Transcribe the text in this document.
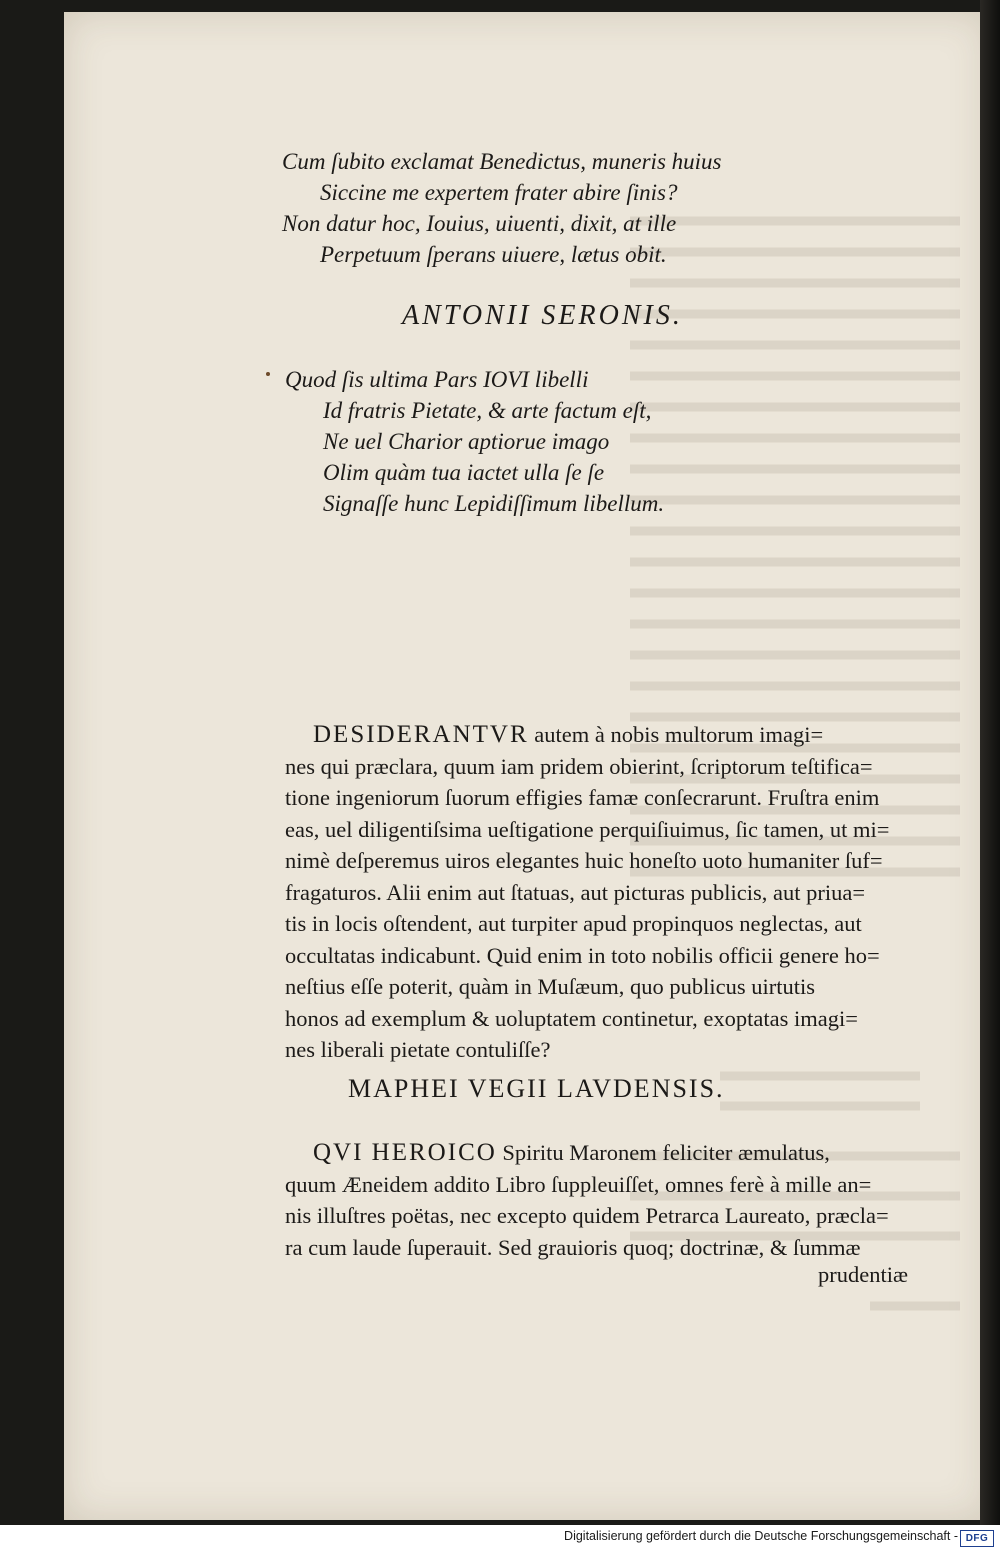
Cum ſubito exclamat Benedictus, muneris huius
Siccine me expertem frater abire ſinis?
Non datur hoc, Iouius, uiuenti, dixit, at ille
Perpetuum ſperans uiuere, lætus obit.
ANTONII SERONIS.
Quod ſis ultima Pars IOVI libelli
Id fratris Pietate, & arte factum eſt,
Ne uel Charior aptiorue imago
Olim quàm tua iactet ulla ſe ſe
Signaſſe hunc Lepidiſſimum libellum.
DESIDERANTVR autem à nobis multorum imagi=
nes qui præclara, quum iam pridem obierint, ſcriptorum teſtifica=
tione ingeniorum ſuorum effigies famæ conſecrarunt. Fruſtra enim
eas, uel diligentiſsima ueſtigatione perquiſiuimus, ſic tamen, ut mi=
nimè deſperemus uiros elegantes huic honeſto uoto humaniter ſuf=
fragaturos. Alii enim aut ſtatuas, aut picturas publicis, aut priua=
tis in locis oſtendent, aut turpiter apud propinquos neglectas, aut
occultatas indicabunt. Quid enim in toto nobilis officii genere ho=
neſtius eſſe poterit, quàm in Muſæum, quo publicus uirtutis
honos ad exemplum & uoluptatem continetur, exoptatas imagi=
nes liberali pietate contuliſſe?
MAPHEI VEGII LAVDENSIS.
QVI HEROICO Spiritu Maronem feliciter æmulatus,
quum Æneidem addito Libro ſuppleuiſſet, omnes ferè à mille an=
nis illuſtres poëtas, nec excepto quidem Petrarca Laureato, præcla=
ra cum laude ſuperauit. Sed grauioris quoq; doctrinæ, & ſummæ
prudentiæ
Digitalisierung gefördert durch die Deutsche Forschungsgemeinschaft - DFG
